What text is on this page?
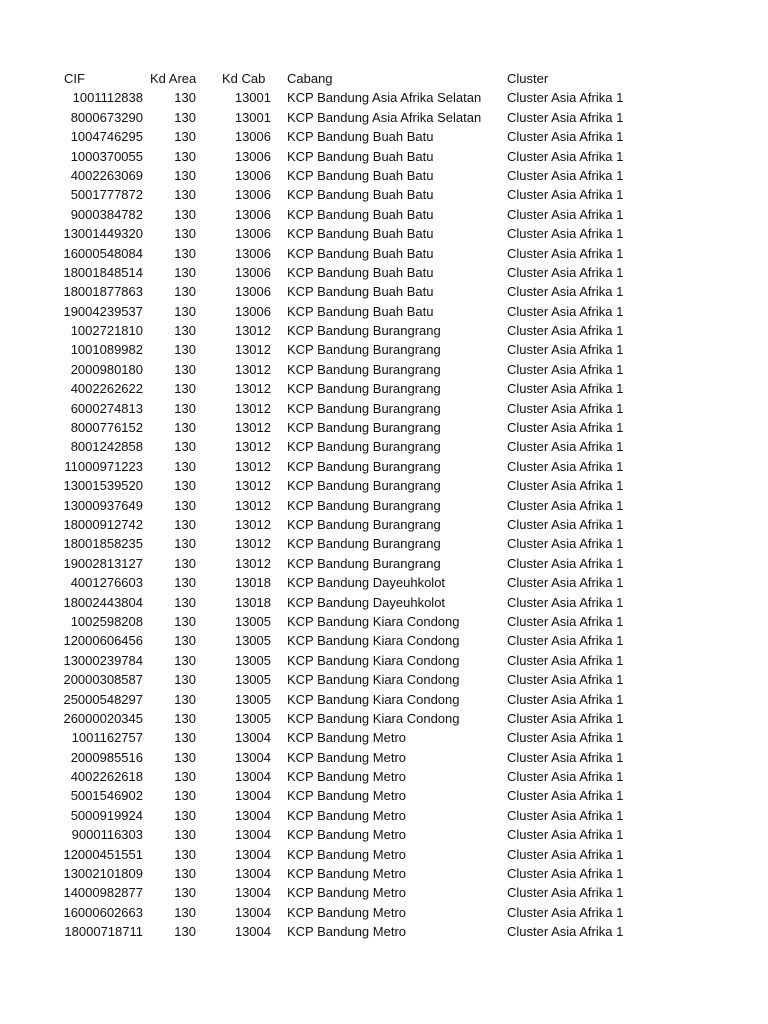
CIF	Kd Area	Kd Cab	Cabang	Cluster
1001112838	130	13001 KCP Bandung Asia Afrika Selatan	Cluster Asia Afrika 1
8000673290	130	13001 KCP Bandung Asia Afrika Selatan	Cluster Asia Afrika 1
1004746295	130	13006 KCP Bandung Buah Batu	Cluster Asia Afrika 1
1000370055	130	13006 KCP Bandung Buah Batu	Cluster Asia Afrika 1
4002263069	130	13006 KCP Bandung Buah Batu	Cluster Asia Afrika 1
5001777872	130	13006 KCP Bandung Buah Batu	Cluster Asia Afrika 1
9000384782	130	13006 KCP Bandung Buah Batu	Cluster Asia Afrika 1
13001449320	130	13006 KCP Bandung Buah Batu	Cluster Asia Afrika 1
16000548084	130	13006 KCP Bandung Buah Batu	Cluster Asia Afrika 1
18001848514	130	13006 KCP Bandung Buah Batu	Cluster Asia Afrika 1
18001877863	130	13006 KCP Bandung Buah Batu	Cluster Asia Afrika 1
19004239537	130	13006 KCP Bandung Buah Batu	Cluster Asia Afrika 1
1002721810	130	13012 KCP Bandung Burangrang	Cluster Asia Afrika 1
1001089982	130	13012 KCP Bandung Burangrang	Cluster Asia Afrika 1
2000980180	130	13012 KCP Bandung Burangrang	Cluster Asia Afrika 1
4002262622	130	13012 KCP Bandung Burangrang	Cluster Asia Afrika 1
6000274813	130	13012 KCP Bandung Burangrang	Cluster Asia Afrika 1
8000776152	130	13012 KCP Bandung Burangrang	Cluster Asia Afrika 1
8001242858	130	13012 KCP Bandung Burangrang	Cluster Asia Afrika 1
11000971223	130	13012 KCP Bandung Burangrang	Cluster Asia Afrika 1
13001539520	130	13012 KCP Bandung Burangrang	Cluster Asia Afrika 1
13000937649	130	13012 KCP Bandung Burangrang	Cluster Asia Afrika 1
18000912742	130	13012 KCP Bandung Burangrang	Cluster Asia Afrika 1
18001858235	130	13012 KCP Bandung Burangrang	Cluster Asia Afrika 1
19002813127	130	13012 KCP Bandung Burangrang	Cluster Asia Afrika 1
4001276603	130	13018 KCP Bandung Dayeuhkolot	Cluster Asia Afrika 1
18002443804	130	13018 KCP Bandung Dayeuhkolot	Cluster Asia Afrika 1
1002598208	130	13005 KCP Bandung Kiara Condong	Cluster Asia Afrika 1
12000606456	130	13005 KCP Bandung Kiara Condong	Cluster Asia Afrika 1
13000239784	130	13005 KCP Bandung Kiara Condong	Cluster Asia Afrika 1
20000308587	130	13005 KCP Bandung Kiara Condong	Cluster Asia Afrika 1
25000548297	130	13005 KCP Bandung Kiara Condong	Cluster Asia Afrika 1
26000020345	130	13005 KCP Bandung Kiara Condong	Cluster Asia Afrika 1
1001162757	130	13004 KCP Bandung Metro	Cluster Asia Afrika 1
2000985516	130	13004 KCP Bandung Metro	Cluster Asia Afrika 1
4002262618	130	13004 KCP Bandung Metro	Cluster Asia Afrika 1
5001546902	130	13004 KCP Bandung Metro	Cluster Asia Afrika 1
5000919924	130	13004 KCP Bandung Metro	Cluster Asia Afrika 1
9000116303	130	13004 KCP Bandung Metro	Cluster Asia Afrika 1
12000451551	130	13004 KCP Bandung Metro	Cluster Asia Afrika 1
13002101809	130	13004 KCP Bandung Metro	Cluster Asia Afrika 1
14000982877	130	13004 KCP Bandung Metro	Cluster Asia Afrika 1
16000602663	130	13004 KCP Bandung Metro	Cluster Asia Afrika 1
18000718711	130	13004 KCP Bandung Metro	Cluster Asia Afrika 1
